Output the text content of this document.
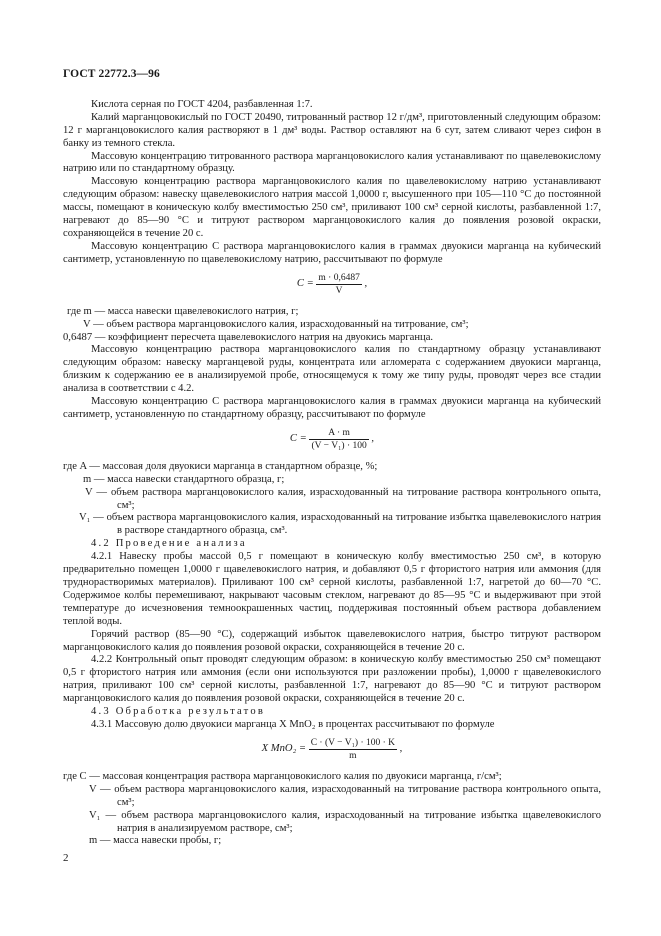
ГОСТ 22772.3—96

Кислота серная по ГОСТ 4204, разбавленная 1:7.

Калий марганцовокислый по ГОСТ 20490, титрованный раствор 12 г/дм³, приготовленный следующим образом: 12 г марганцовокислого калия растворяют в 1 дм³ воды. Раствор оставляют на 6 сут, затем сливают через сифон в банку из темного стекла.

Массовую концентрацию титрованного раствора марганцовокислого калия устанавливают по щавелевокислому натрию или по стандартному образцу.

Массовую концентрацию раствора марганцовокислого калия по щавелевокислому натрию устанавливают следующим образом: навеску щавелевокислого натрия массой 1,0000 г, высушенного при 105—110 °С до постоянной массы, помещают в коническую колбу вместимостью 250 см³, приливают 100 см³ серной кислоты, разбавленной 1:7, нагревают до 85—90 °С и титруют раствором марганцовокислого калия до появления розовой окраски, сохраняющейся в течение 20 с.

Массовую концентрацию С раствора марганцовокислого калия в граммах двуокиси марганца на кубический сантиметр, установленную по щавелевокислому натрию, рассчитывают по формуле

$C = \frac{m \cdot 0,6487}{V}$ ,

где m — масса навески щавелевокислого натрия, г;

V — объем раствора марганцовокислого калия, израсходованный на титрование, см³;

0,6487 — коэффициент пересчета щавелевокислого натрия на двуокись марганца.

Массовую концентрацию раствора марганцовокислого калия по стандартному образцу устанавливают следующим образом: навеску марганцевой руды, концентрата или агломерата с содержанием двуокиси марганца, близким к содержанию ее в анализируемой пробе, относящемуся к тому же типу руды, проводят через все стадии анализа в соответствии с 4.2.

Массовую концентрацию С раствора марганцовокислого калия в граммах двуокиси марганца на кубический сантиметр, установленную по стандартному образцу, рассчитывают по формуле

$C = \frac{A \cdot m}{\text{(V − V₁) · 100}}$ ,

где A — массовая доля двуокиси марганца в стандартном образце, %;

m — масса навески стандартного образца, г;

V — объем раствора марганцовокислого калия, израсходованный на титрование раствора контрольного опыта, см³;

V₁ — объем раствора марганцовокислого калия, израсходованный на титрование избытка щавелевокислого натрия в растворе стандартного образца, см³.

4.2 Проведение анализа

4.2.1 Навеску пробы массой 0,5 г помещают в коническую колбу вместимостью 250 см³, в которую предварительно помещен 1,0000 г щавелевокислого натрия, и добавляют 0,5 г фтористого натрия или аммония (для труднорастворимых материалов). Приливают 100 см³ серной кислоты, разбавленной 1:7, нагретой до 60—70 °С. Содержимое колбы перемешивают, накрывают часовым стеклом, нагревают до 85—95 °С и выдерживают при этой температуре до исчезновения темноокрашенных частиц, поддерживая постоянный объем раствора добавлением теплой воды.

Горячий раствор (85—90 °С), содержащий избыток щавелевокислого натрия, быстро титруют раствором марганцовокислого калия до появления розовой окраски, сохраняющейся в течение 20 с.

4.2.2 Контрольный опыт проводят следующим образом: в коническую колбу вместимостью 250 см³ помещают 0,5 г фтористого натрия или аммония (если они используются при разложении пробы), 1,0000 г щавелевокислого натрия, приливают 100 см³ серной кислоты, разбавленной 1:7, нагревают до 85—90 °С и титруют раствором марганцовокислого калия до появления розовой окраски, сохраняющейся в течение 20 с.

4.3 Обработка результатов

4.3.1 Массовую долю двуокиси марганца X MnO₂ в процентах рассчитывают по формуле

X $MnO_2 = \frac{\text{C · (V − V₁) · 100 · K}}{m}$ ,

где C — массовая концентрация раствора марганцовокислого калия по двуокиси марганца, г/см³;

V — объем раствора марганцовокислого калия, израсходованный на титрование раствора контрольного опыта, см³;

V₁ — объем раствора марганцовокислого калия, израсходованный на титрование избытка щавелевокислого натрия в анализируемом растворе, см³;

m — масса навески пробы, г;

2
